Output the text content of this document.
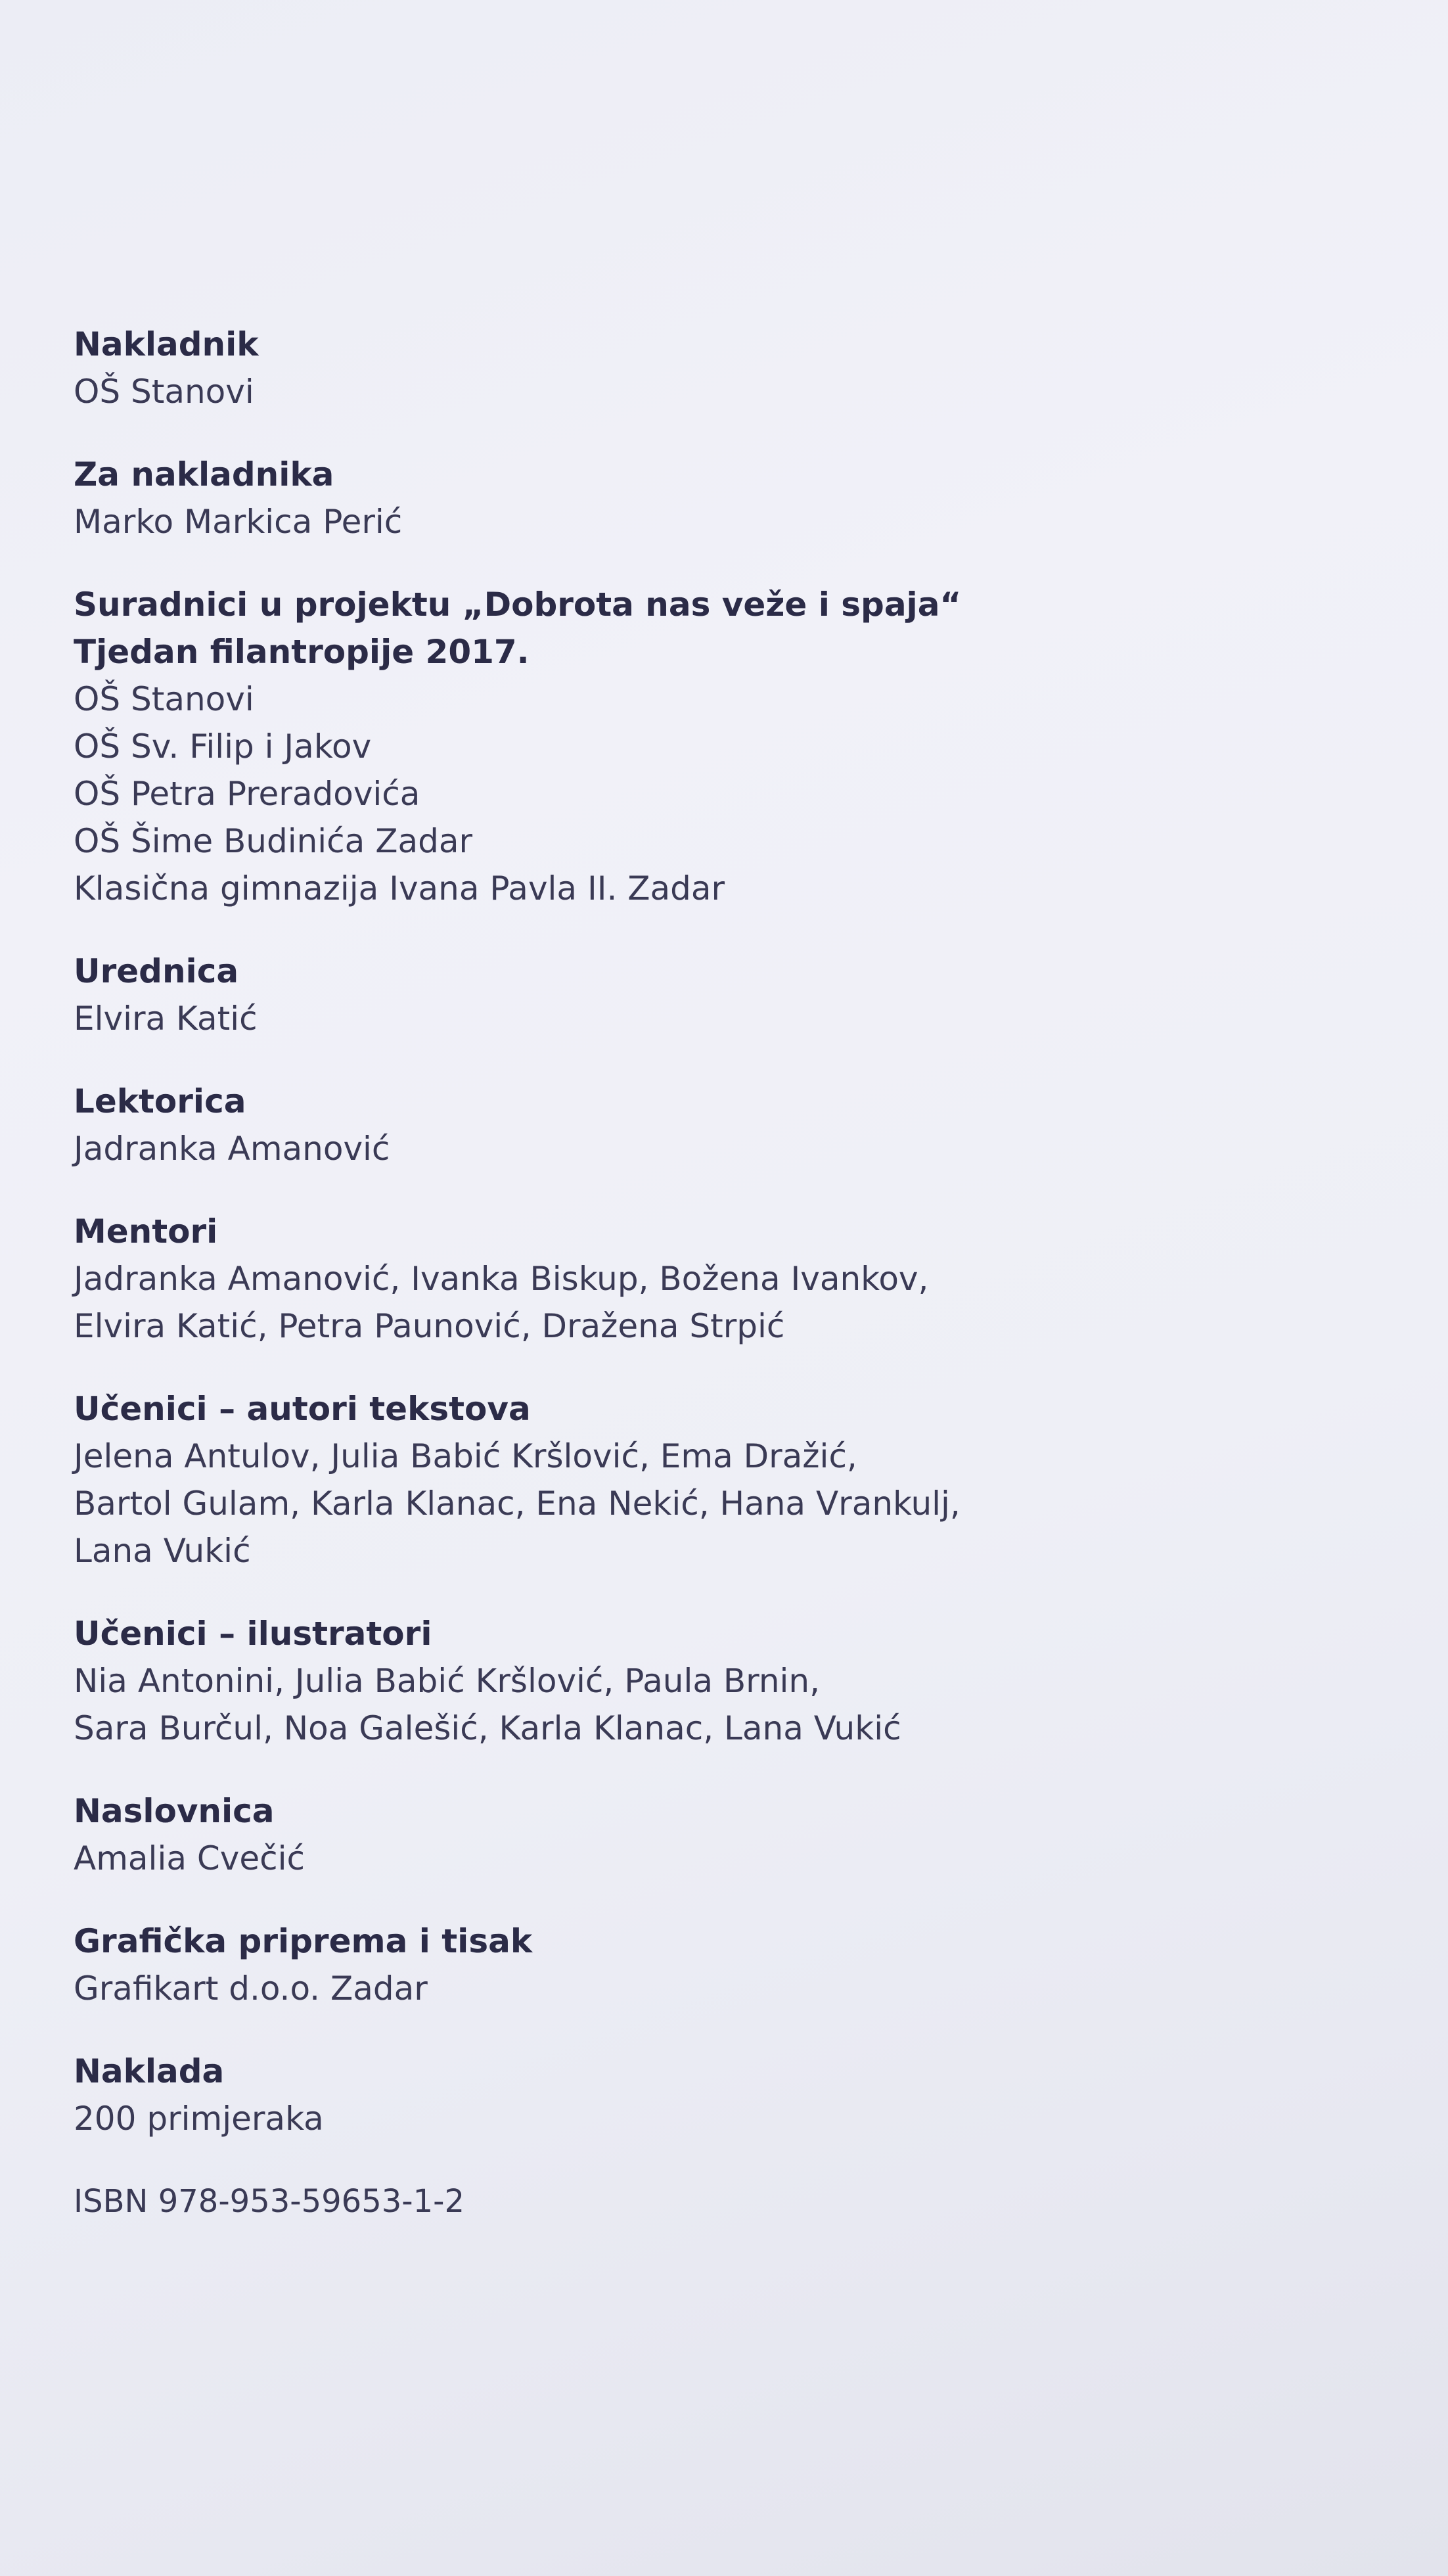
Nakladnik
OŠ Stanovi
Za nakladnika
Marko Markica Perić
Suradnici u projektu „Dobrota nas veže i spaja“
Tjedan filantropije 2017.
OŠ Stanovi
OŠ Sv. Filip i Jakov
OŠ Petra Preradovića
OŠ Šime Budinića Zadar
Klasična gimnazija Ivana Pavla II. Zadar
Urednica
Elvira Katić
Lektorica
Jadranka Amanović
Mentori
Jadranka Amanović, Ivanka Biskup, Božena Ivankov,
Elvira Katić, Petra Paunović, Dražena Strpić
Učenici – autori tekstova
Jelena Antulov, Julia Babić Kršlović, Ema Dražić,
Bartol Gulam, Karla Klanac, Ena Nekić, Hana Vrankulj,
Lana Vukić
Učenici – ilustratori
Nia Antonini, Julia Babić Kršlović, Paula Brnin,
Sara Burčul, Noa Galešić, Karla Klanac, Lana Vukić
Naslovnica
Amalia Cvečić
Grafička priprema i tisak
Grafikart d.o.o. Zadar
Naklada
200 primjeraka
ISBN 978-953-59653-1-2
